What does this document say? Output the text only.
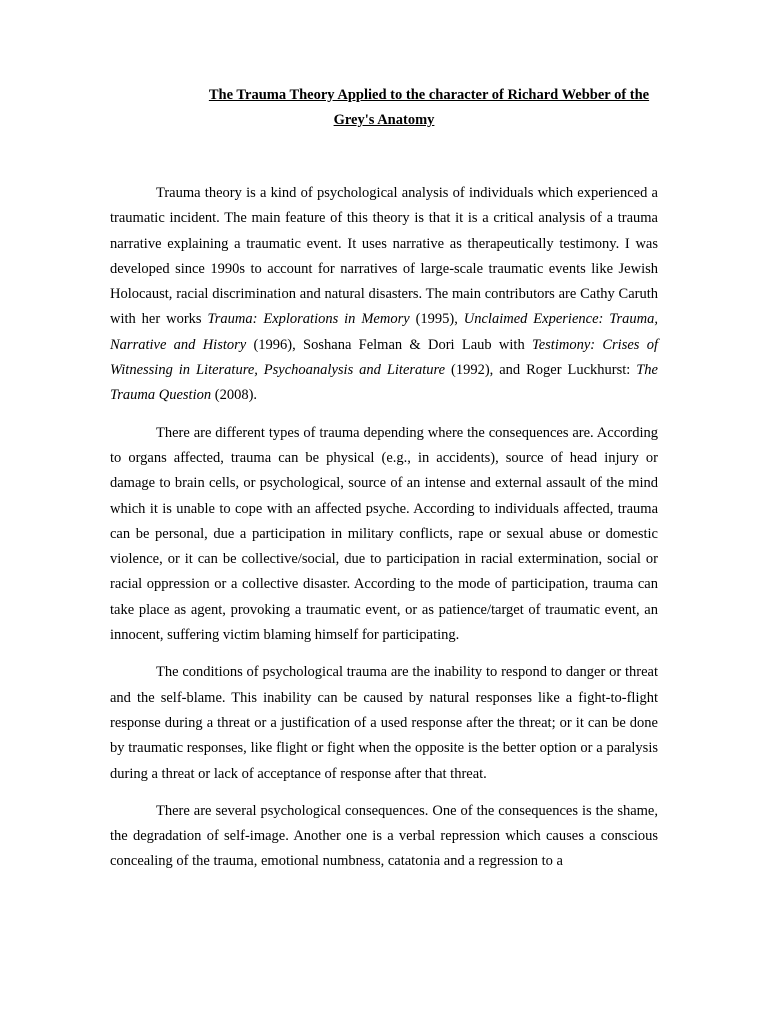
The Trauma Theory Applied to the character of Richard Webber of the
Grey's Anatomy

Trauma theory is a kind of psychological analysis of individuals which experienced a traumatic incident. The main feature of this theory is that it is a critical analysis of a trauma narrative explaining a traumatic event. It uses narrative as therapeutically testimony. I was developed since 1990s to account for narratives of large-scale traumatic events like Jewish Holocaust, racial discrimination and natural disasters. The main contributors are Cathy Caruth with her works Trauma: Explorations in Memory (1995), Unclaimed Experience: Trauma, Narrative and History (1996), Soshana Felman & Dori Laub with Testimony: Crises of Witnessing in Literature, Psychoanalysis and Literature (1992), and Roger Luckhurst: The Trauma Question (2008).

There are different types of trauma depending where the consequences are. According to organs affected, trauma can be physical (e.g., in accidents), source of head injury or damage to brain cells, or psychological, source of an intense and external assault of the mind which it is unable to cope with an affected psyche. According to individuals affected, trauma can be personal, due a participation in military conflicts, rape or sexual abuse or domestic violence, or it can be collective/social, due to participation in racial extermination, social or racial oppression or a collective disaster. According to the mode of participation, trauma can take place as agent, provoking a traumatic event, or as patience/target of traumatic event, an innocent, suffering victim blaming himself for participating.

The conditions of psychological trauma are the inability to respond to danger or threat and the self-blame. This inability can be caused by natural responses like a fight-to-flight response during a threat or a justification of a used response after the threat; or it can be done by traumatic responses, like flight or fight when the opposite is the better option or a paralysis during a threat or lack of acceptance of response after that threat.

There are several psychological consequences. One of the consequences is the shame, the degradation of self-image. Another one is a verbal repression which causes a conscious concealing of the trauma, emotional numbness, catatonia and a regression to a
